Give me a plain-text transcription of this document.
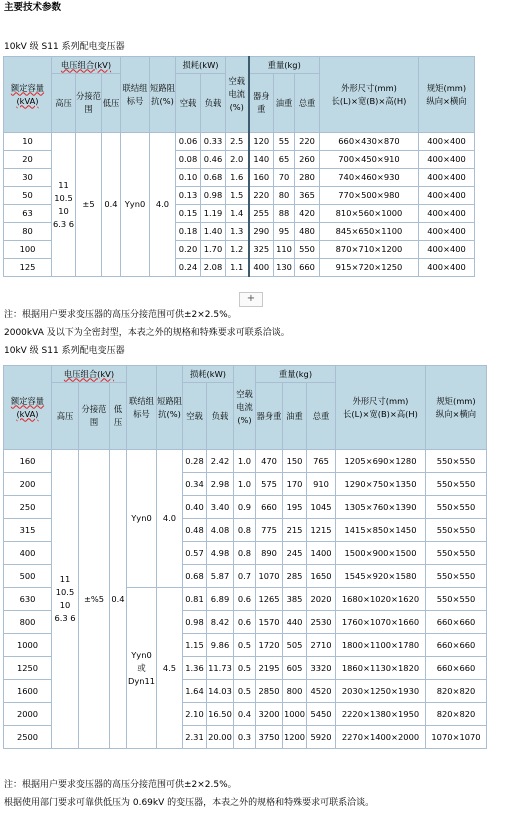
主要技术参数
10kV 级 S11 系列配电变压器
额定容量
(kVA)	电压组合(kV)			联结组标号	短路阻抗(%)	损耗(kW)		空载电流(%)	重量(kg)			外形尺寸(mm)
长(L)×宽(B)×高(H)	规矩(mm)
纵向×横向
	高压	分接范围	低压			空载	负载		器身重	油重	总重		
10	11 10.5 10 6.3 6	±5	0.4	Yyn0	4.0	0.06	0.33	2.5	120	55	220	660×430×870	400×400
20						0.08	0.46	2.0	140	65	260	700×450×910	400×400
30						0.10	0.68	1.6	160	70	280	740×460×930	400×400
50						0.13	0.98	1.5	220	80	365	770×500×980	400×400
63						0.15	1.19	1.4	255	88	420	810×560×1000	400×400
80						0.18	1.40	1.3	290	95	480	845×650×1100	400×400
100						0.20	1.70	1.2	325	110	550	870×710×1200	400×400
125						0.24	2.08	1.1	400	130	660	915×720×1250	400×400
+
注：根据用户要求变压器的高压分接范围可供±2×2.5%。
2000kVA 及以下为全密封型，本表之外的规格和特殊要求可联系洽谈。
10kV 级 S11 系列配电变压器
额定容量
(kVA)	电压组合(kV)			联结组标号	短路阻抗(%)	损耗(kW)		空载电流(%)	重量(kg)			外形尺寸(mm)
长(L)×宽(B)×高(H)	规矩(mm)
纵向×横向
	高压	分接范围	低压			空载	负载		器身重	油重	总重		
160	11 10.5 10 6.3 6	±%5	0.4	Yyn0	4.0	0.28	2.42	1.0	470	150	765	1205×690×1280	550×550
200						0.34	2.98	1.0	575	170	910	1290×750×1350	550×550
250						0.40	3.40	0.9	660	195	1045	1305×760×1390	550×550
315						0.48	4.08	0.8	775	215	1215	1415×850×1450	550×550
400						0.57	4.98	0.8	890	245	1400	1500×900×1500	550×550
500						0.68	5.87	0.7	1070	285	1650	1545×920×1580	550×550
630				Yyn0 或 Dyn11	4.5	0.81	6.89	0.6	1265	385	2020	1680×1020×1620	550×550
800						0.98	8.42	0.6	1570	440	2530	1760×1070×1660	660×660
1000						1.15	9.86	0.5	1720	505	2710	1800×1100×1780	660×660
1250						1.36	11.73	0.5	2195	605	3320	1860×1130×1820	660×660
1600						1.64	14.03	0.5	2850	800	4520	2030×1250×1930	820×820
2000						2.10	16.50	0.4	3200	1000	5450	2220×1380×1950	820×820
2500						2.31	20.00	0.3	3750	1200	5920	2270×1400×2000	1070×1070
注：根据用户要求变压器的高压分接范围可供±2×2.5%。
根据使用部门要求可靠供低压为 0.69kV 的变压器，本表之外的规格和特殊要求可联系洽谈。
